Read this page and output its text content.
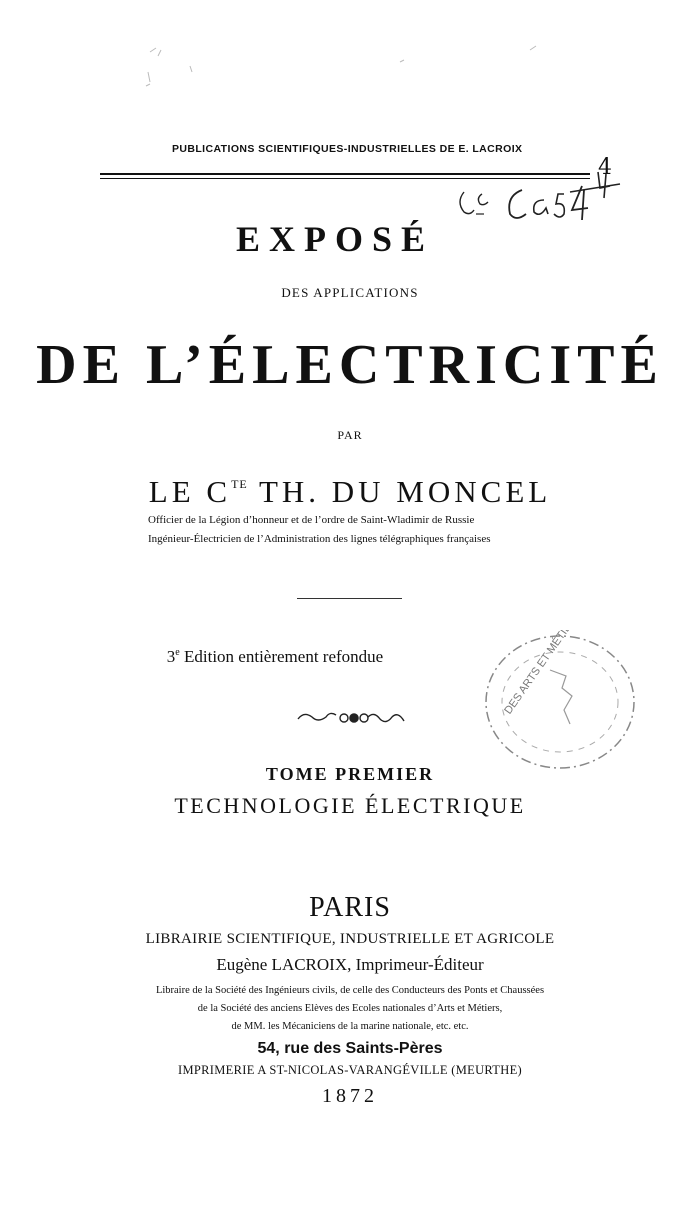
PUBLICATIONS SCIENTIFIQUES-INDUSTRIELLES DE E. LACROIX
EXPOSÉ
DES APPLICATIONS
DE L’ÉLECTRICITÉ
PAR
LE $C^{TE}$ TH. DU MONCEL
Officier de la Légion d’honneur et de l’ordre de Saint-Wladimir de Russie
Ingénieur-Électricien de l’Administration des lignes télégraphiques françaises
3e Edition entièrement refondue	DES ARTS ET MÉTIERS
TOME PREMIER
TECHNOLOGIE ÉLECTRIQUE
PARIS
LIBRAIRIE SCIENTIFIQUE, INDUSTRIELLE ET AGRICOLE
Eugène LACROIX, Imprimeur-Éditeur
Libraire de la Société des Ingénieurs civils, de celle des Conducteurs des Ponts et Chaussées
de la Société des anciens Elèves des Ecoles nationales d’Arts et Métiers,
de MM. les Mécaniciens de la marine nationale, etc. etc.
54, rue des Saints-Pères
IMPRIMERIE A ST-NICOLAS-VARANGÉVILLE (MEURTHE)
1872
4
